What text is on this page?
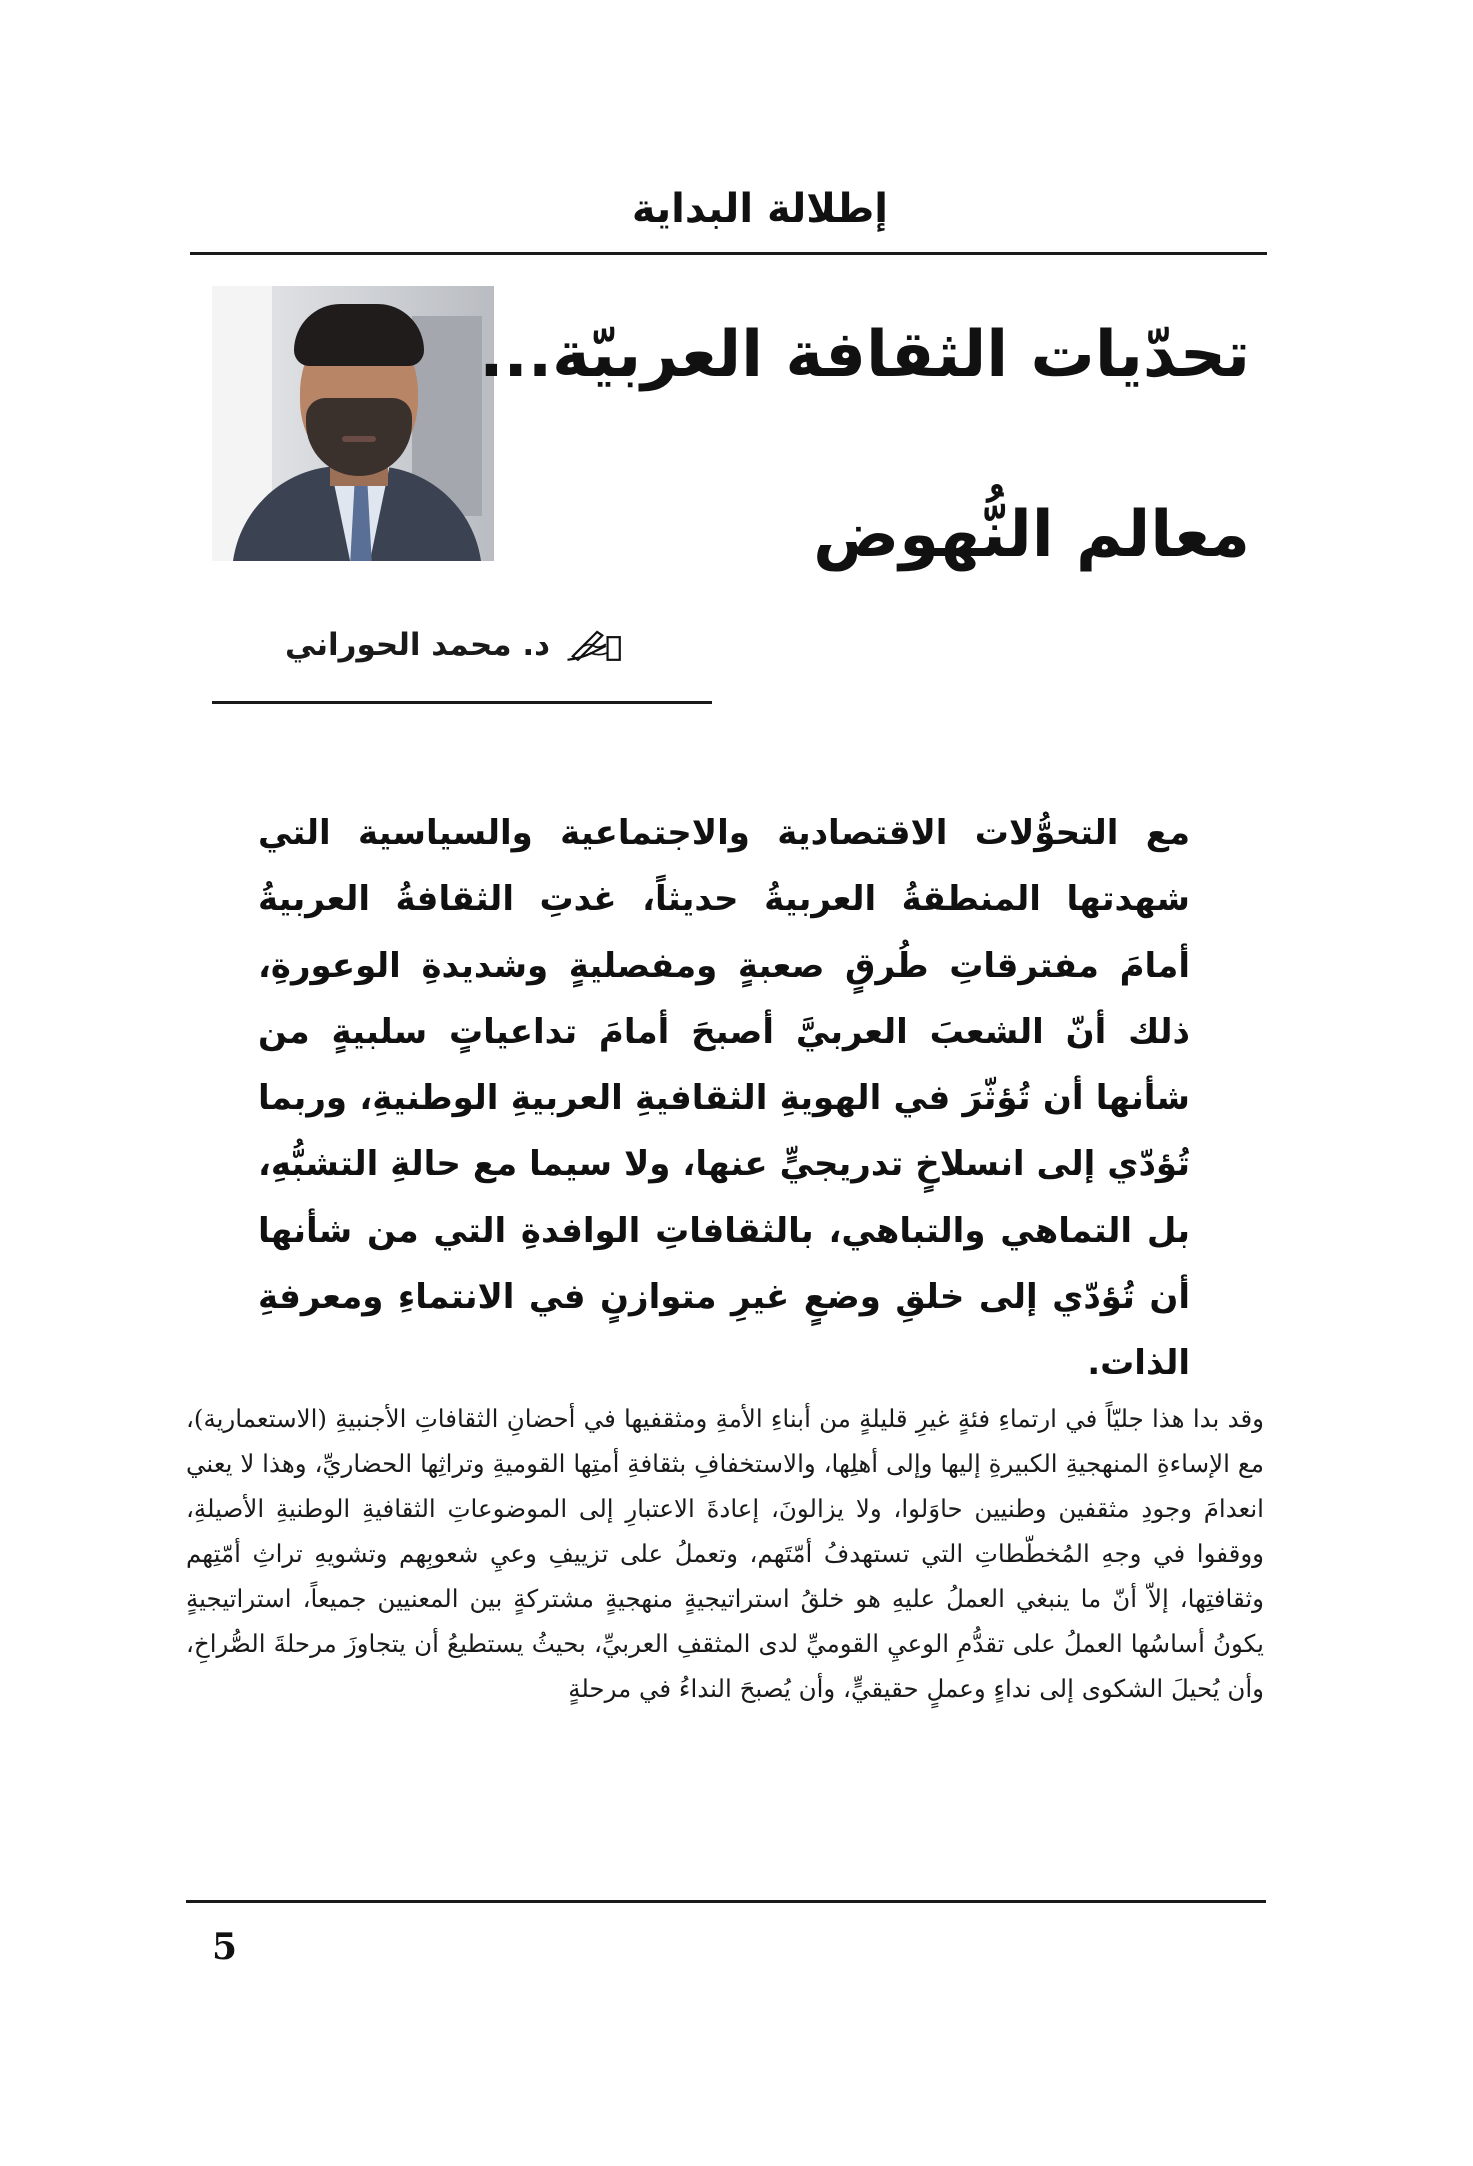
إطلالة البداية
تحدّيات الثقافة العربيّة...
معالم النُّهوض
د. محمد الحوراني
مع التحوُّلات الاقتصادية والاجتماعية والسياسية التي شهدتها المنطقةُ العربيةُ حديثاً، غدتِ الثقافةُ العربيةُ أمامَ مفترقاتِ طُرقٍ صعبةٍ ومفصليةٍ وشديدةِ الوعورةِ، ذلك أنّ الشعبَ العربيَّ أصبحَ أمامَ تداعياتٍ سلبيةٍ من شأنها أن تُؤثّرَ في الهويةِ الثقافيةِ العربيةِ الوطنيةِ، وربما تُؤدّي إلى انسلاخٍ تدريجيٍّ عنها، ولا سيما مع حالةِ التشبُّهِ، بل التماهي والتباهي، بالثقافاتِ الوافدةِ التي من شأنها أن تُؤدّي إلى خلقِ وضعٍ غيرِ متوازنٍ في الانتماءِ ومعرفةِ الذات.
وقد بدا هذا جليّاً في ارتماءِ فئةٍ غيرِ قليلةٍ من أبناءِ الأمةِ ومثقفيها في أحضانِ الثقافاتِ الأجنبيةِ (الاستعمارية)، مع الإساءةِ المنهجيةِ الكبيرةِ إليها وإلى أهلِها، والاستخفافِ بثقافةِ أمتِها القوميةِ وتراثِها الحضاريِّ، وهذا لا يعني انعدامَ وجودِ مثقفين وطنيين حاوَلوا، ولا يزالونَ، إعادةَ الاعتبارِ إلى الموضوعاتِ الثقافيةِ الوطنيةِ الأصيلةِ، ووقفوا في وجهِ المُخطّطاتِ التي تستهدفُ أمّتَهم، وتعملُ على تزييفِ وعيِ شعوبِهم وتشويهِ تراثِ أمّتِهم وثقافتِها، إلاّ أنّ ما ينبغي العملُ عليهِ هو خلقُ استراتيجيةٍ منهجيةٍ مشتركةٍ بين المعنيين جميعاً، استراتيجيةٍ يكونُ أساسُها العملُ على تقدُّمِ الوعيِ القوميِّ لدى المثقفِ العربيِّ، بحيثُ يستطيعُ أن يتجاوزَ مرحلةَ الصُّراخِ، وأن يُحيلَ الشكوى إلى نداءٍ وعملٍ حقيقيٍّ، وأن يُصبحَ النداءُ في مرحلةٍ
5
